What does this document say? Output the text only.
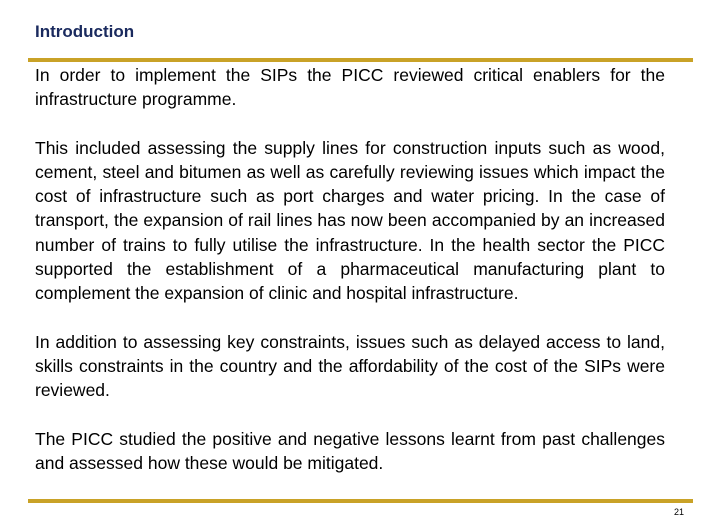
Introduction

In order to implement the SIPs the PICC reviewed critical enablers for the infrastructure programme.

This included assessing the supply lines for construction inputs such as wood, cement, steel and bitumen as well as carefully reviewing issues which impact the cost of infrastructure such as port charges and water pricing. In the case of transport, the expansion of rail lines has now been accompanied by an increased number of trains to fully utilise the infrastructure. In the health sector the PICC supported the establishment of a pharmaceutical manufacturing plant to complement the expansion of clinic and hospital infrastructure.

In addition to assessing key constraints, issues such as delayed access to land, skills constraints in the country and the affordability of the cost of the SIPs were reviewed.

The PICC studied the positive and negative lessons learnt from past challenges and assessed how these would be mitigated.

21
